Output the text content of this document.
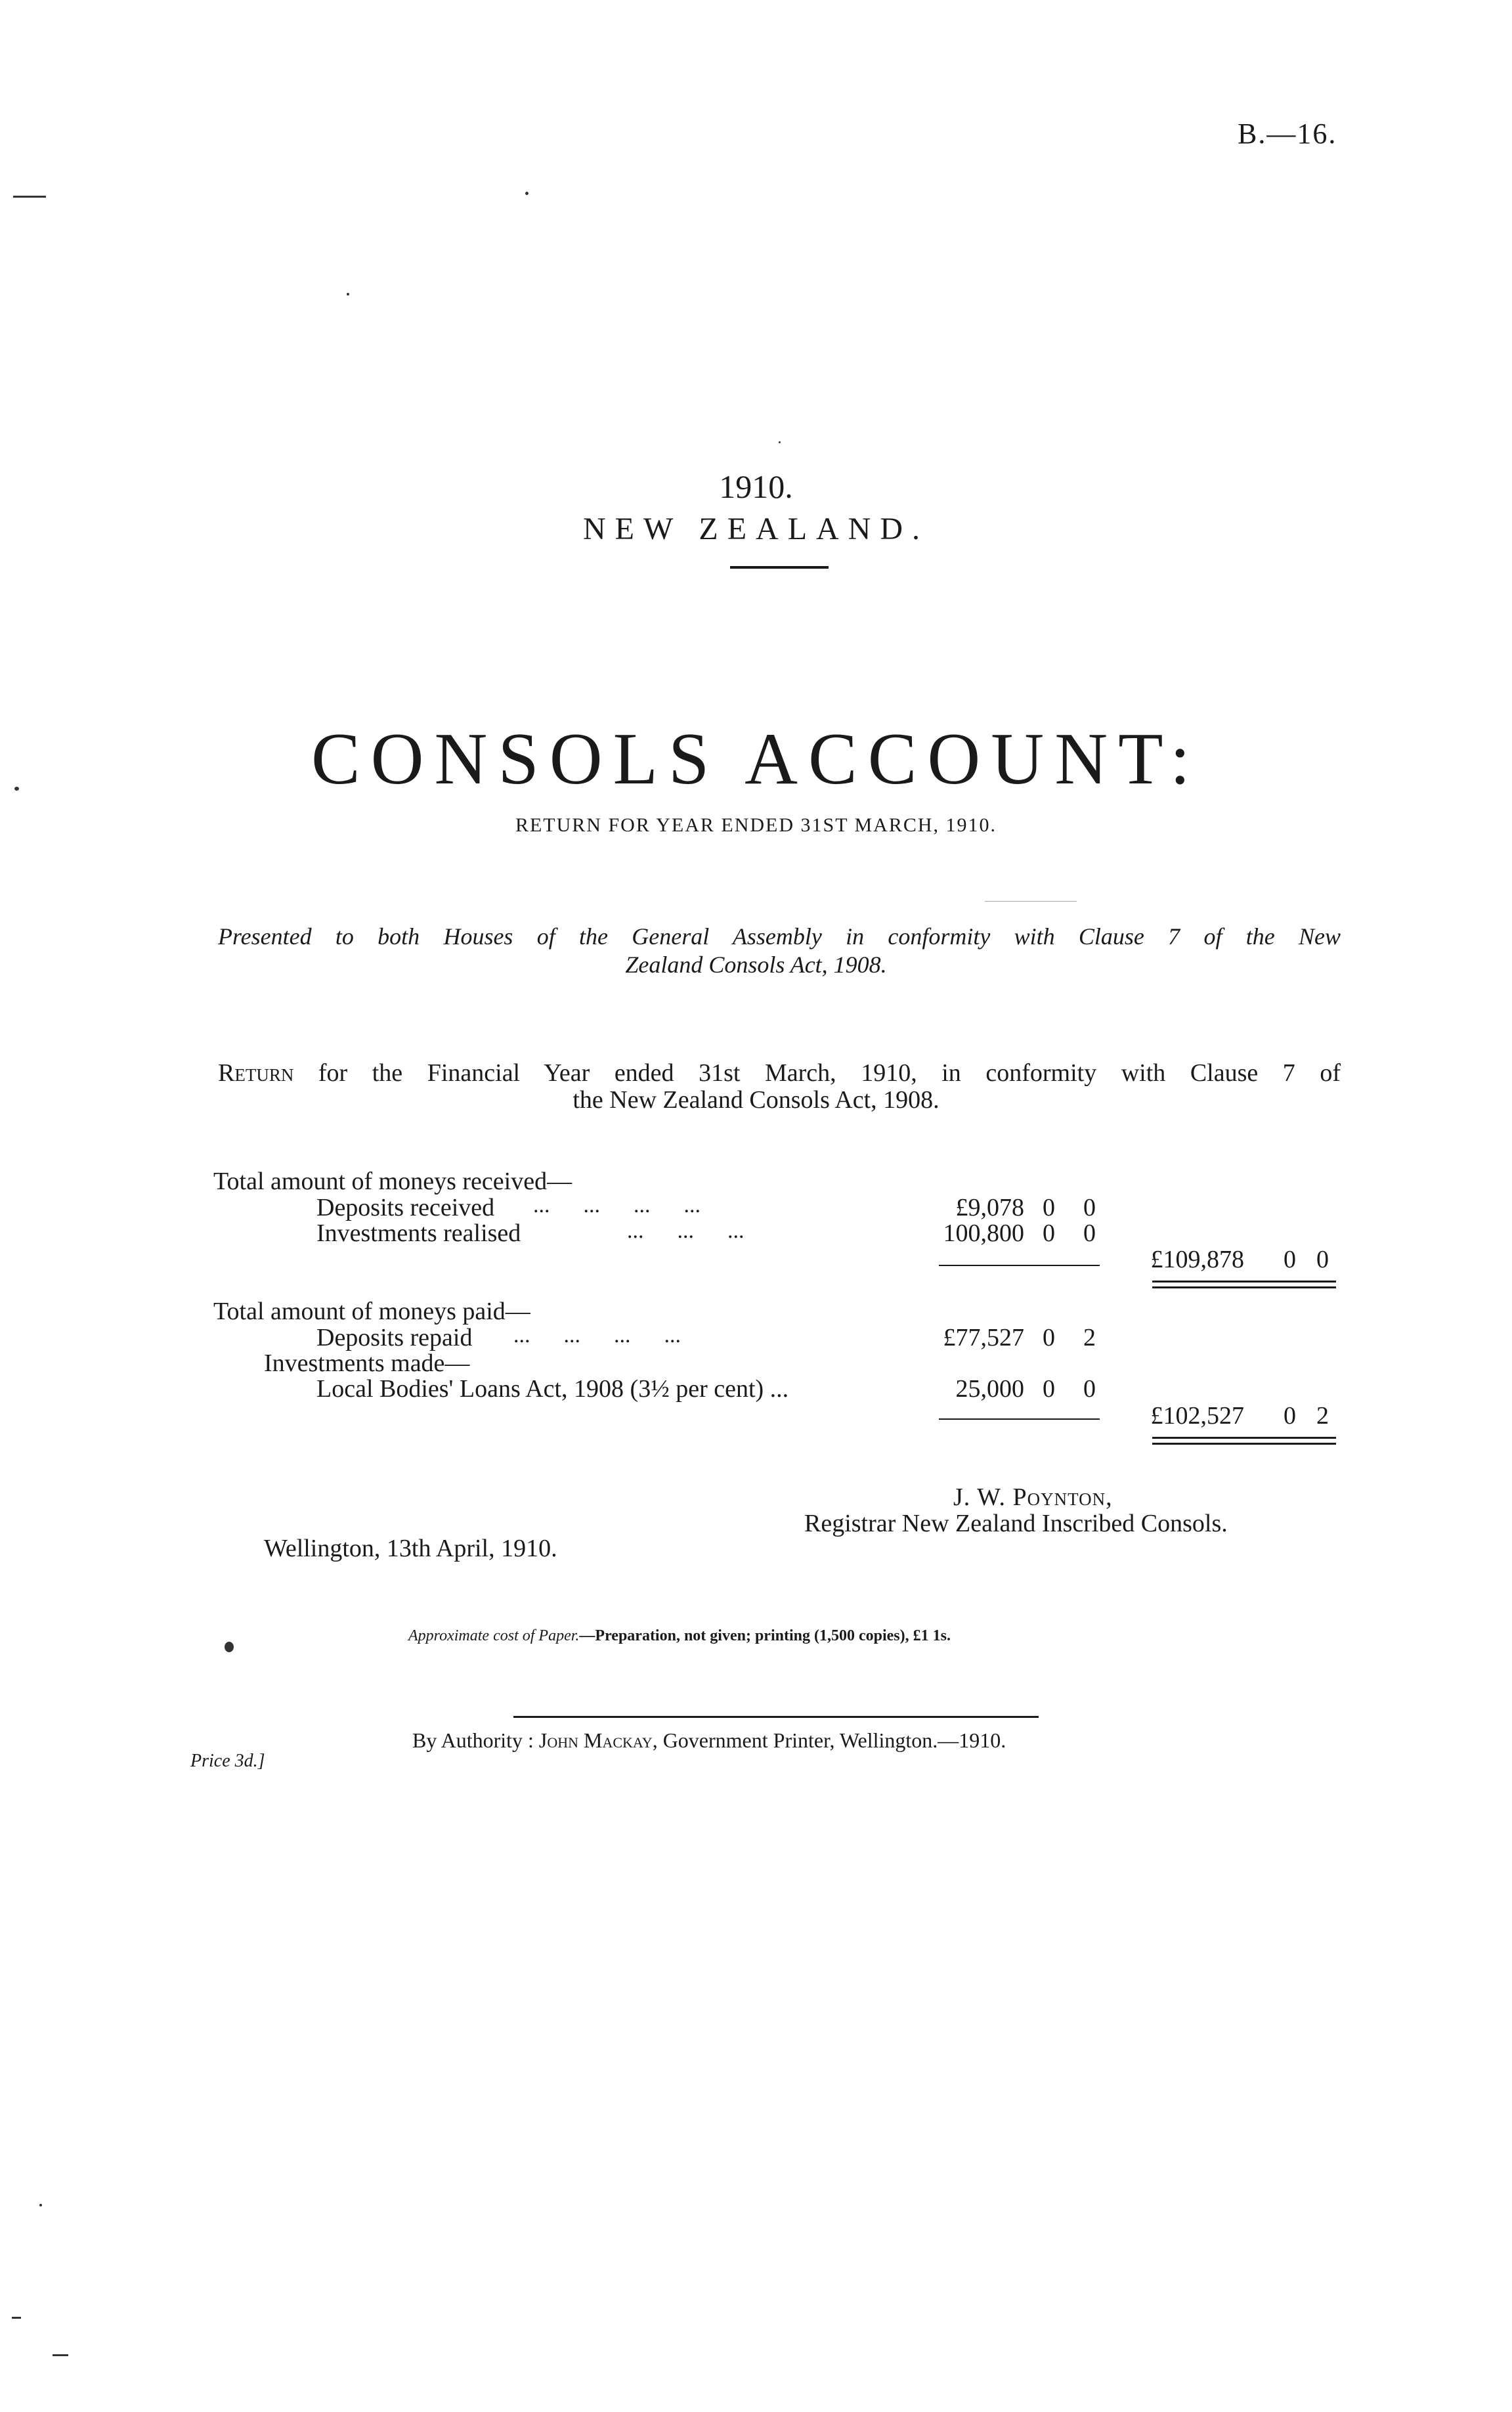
B.—16.
1910.
NEW ZEALAND.
CONSOLS ACCOUNT:
RETURN FOR YEAR ENDED 31ST MARCH, 1910.
Presented to both Houses of the General Assembly in conformity with Clause 7 of the New
Zealand Consols Act, 1908.
Return for the Financial Year ended 31st March, 1910, in conformity with Clause 7 of
the New Zealand Consols Act, 1908.
Total amount of moneys received—
Deposits received ...      ...      ...      ...	£9,078 0 0
Investments realised	...      ...      ...	100,800 0 0
£109,878 0 0
Total amount of moneys paid—
Deposits repaid ...      ...      ...      ...	£77,527 0 2
Investments made—
Local Bodies' Loans Act, 1908 (3½ per cent) ...	25,000 0 0
£102,527 0 2
J. W. Poynton,
Registrar New Zealand Inscribed Consols.
Wellington, 13th April, 1910.
Approximate cost of Paper.—Preparation, not given; printing (1,500 copies), £1 1s.
By Authority : John Mackay, Government Printer, Wellington.—1910.
Price 3d.]
